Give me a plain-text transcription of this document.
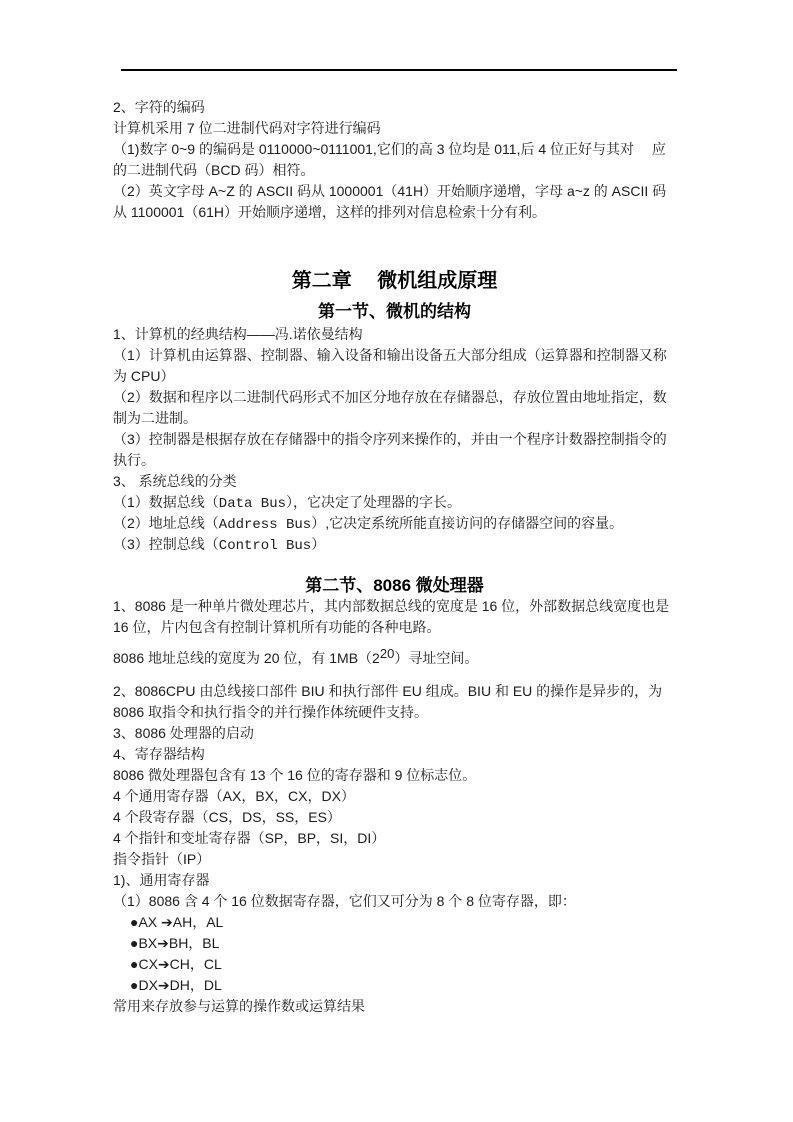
2、字符的编码
计算机采用 7 位二进制代码对字符进行编码
（1)数字 0~9 的编码是 0110000~0111001,它们的高 3 位均是 011,后 4 位正好与其对　 应
的二进制代码（BCD 码）相符。
（2）英文字母 A~Z 的 ASCII 码从 1000001（41H）开始顺序递增，字母 a~z 的 ASCII 码
从 1100001（61H）开始顺序递增，这样的排列对信息检索十分有利。
第二章　 微机组成原理
第一节、微机的结构
1、计算机的经典结构——冯.诺依曼结构
（1）计算机由运算器、控制器、输入设备和输出设备五大部分组成（运算器和控制器又称
为 CPU）
（2）数据和程序以二进制代码形式不加区分地存放在存储器总，存放位置由地址指定，数
制为二进制。
（3）控制器是根据存放在存储器中的指令序列来操作的，并由一个程序计数器控制指令的
执行。
3、 系统总线的分类
（1）数据总线（Data Bus），它决定了处理器的字长。
（2）地址总线（Address Bus）,它决定系统所能直接访问的存储器空间的容量。
（3）控制总线（Control Bus）
第二节、8086 微处理器
1、8086 是一种单片微处理芯片，其内部数据总线的宽度是 16 位，外部数据总线宽度也是
16 位，片内包含有控制计算机所有功能的各种电路。
8086 地址总线的宽度为 20 位，有 $1MB(2^{20})$寻址空间。
2、8086CPU 由总线接口部件 BIU 和执行部件 EU 组成。BIU 和 EU 的操作是异步的，为
8086 取指令和执行指令的并行操作体统硬件支持。
3、8086 处理器的启动
4、寄存器结构
8086 微处理器包含有 13 个 16 位的寄存器和 9 位标志位。
4 个通用寄存器（AX，BX，CX，DX）
4 个段寄存器（CS，DS，SS，ES）
4 个指针和变址寄存器（SP，BP，SI，DI）
指令指针（IP）
1)、通用寄存器
（1）8086 含 4 个 16 位数据寄存器，它们又可分为 8 个 8 位寄存器，即：
●AX ➔AH，AL
●BX➔BH，BL
●CX➔CH，CL
●DX➔DH，DL
常用来存放参与运算的操作数或运算结果
